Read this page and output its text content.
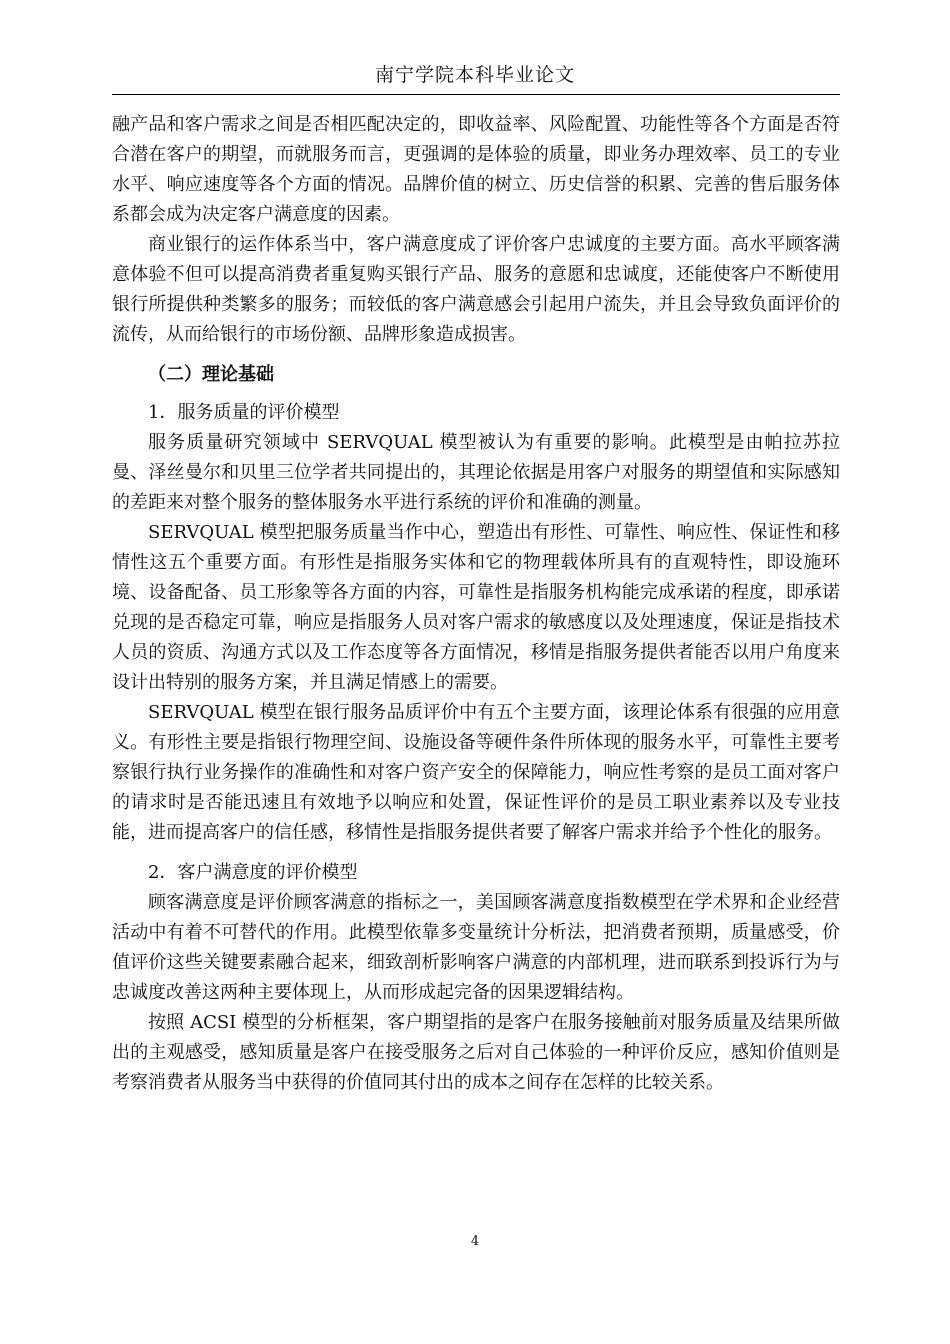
南宁学院本科毕业论文

融产品和客户需求之间是否相匹配决定的，即收益率、风险配置、功能性等各个方面是否符合潜在客户的期望，而就服务而言，更强调的是体验的质量，即业务办理效率、员工的专业水平、响应速度等各个方面的情况。品牌价值的树立、历史信誉的积累、完善的售后服务体系都会成为决定客户满意度的因素。

商业银行的运作体系当中，客户满意度成了评价客户忠诚度的主要方面。高水平顾客满意体验不但可以提高消费者重复购买银行产品、服务的意愿和忠诚度，还能使客户不断使用银行所提供种类繁多的服务；而较低的客户满意感会引起用户流失，并且会导致负面评价的流传，从而给银行的市场份额、品牌形象造成损害。

（二）理论基础
1．服务质量的评价模型

服务质量研究领域中 SERVQUAL 模型被认为有重要的影响。此模型是由帕拉苏拉曼、泽丝曼尔和贝里三位学者共同提出的，其理论依据是用客户对服务的期望值和实际感知的差距来对整个服务的整体服务水平进行系统的评价和准确的测量。

SERVQUAL 模型把服务质量当作中心，塑造出有形性、可靠性、响应性、保证性和移情性这五个重要方面。有形性是指服务实体和它的物理载体所具有的直观特性，即设施环境、设备配备、员工形象等各方面的内容，可靠性是指服务机构能完成承诺的程度，即承诺兑现的是否稳定可靠，响应是指服务人员对客户需求的敏感度以及处理速度，保证是指技术人员的资质、沟通方式以及工作态度等各方面情况，移情是指服务提供者能否以用户角度来设计出特别的服务方案，并且满足情感上的需要。

SERVQUAL 模型在银行服务品质评价中有五个主要方面，该理论体系有很强的应用意义。有形性主要是指银行物理空间、设施设备等硬件条件所体现的服务水平，可靠性主要考察银行执行业务操作的准确性和对客户资产安全的保障能力，响应性考察的是员工面对客户的请求时是否能迅速且有效地予以响应和处置，保证性评价的是员工职业素养以及专业技能，进而提高客户的信任感，移情性是指服务提供者要了解客户需求并给予个性化的服务。

2．客户满意度的评价模型

顾客满意度是评价顾客满意的指标之一，美国顾客满意度指数模型在学术界和企业经营活动中有着不可替代的作用。此模型依靠多变量统计分析法，把消费者预期，质量感受，价值评价这些关键要素融合起来，细致剖析影响客户满意的内部机理，进而联系到投诉行为与忠诚度改善这两种主要体现上，从而形成起完备的因果逻辑结构。

按照 ACSI 模型的分析框架，客户期望指的是客户在服务接触前对服务质量及结果所做出的主观感受，感知质量是客户在接受服务之后对自己体验的一种评价反应，感知价值则是考察消费者从服务当中获得的价值同其付出的成本之间存在怎样的比较关系。

4
